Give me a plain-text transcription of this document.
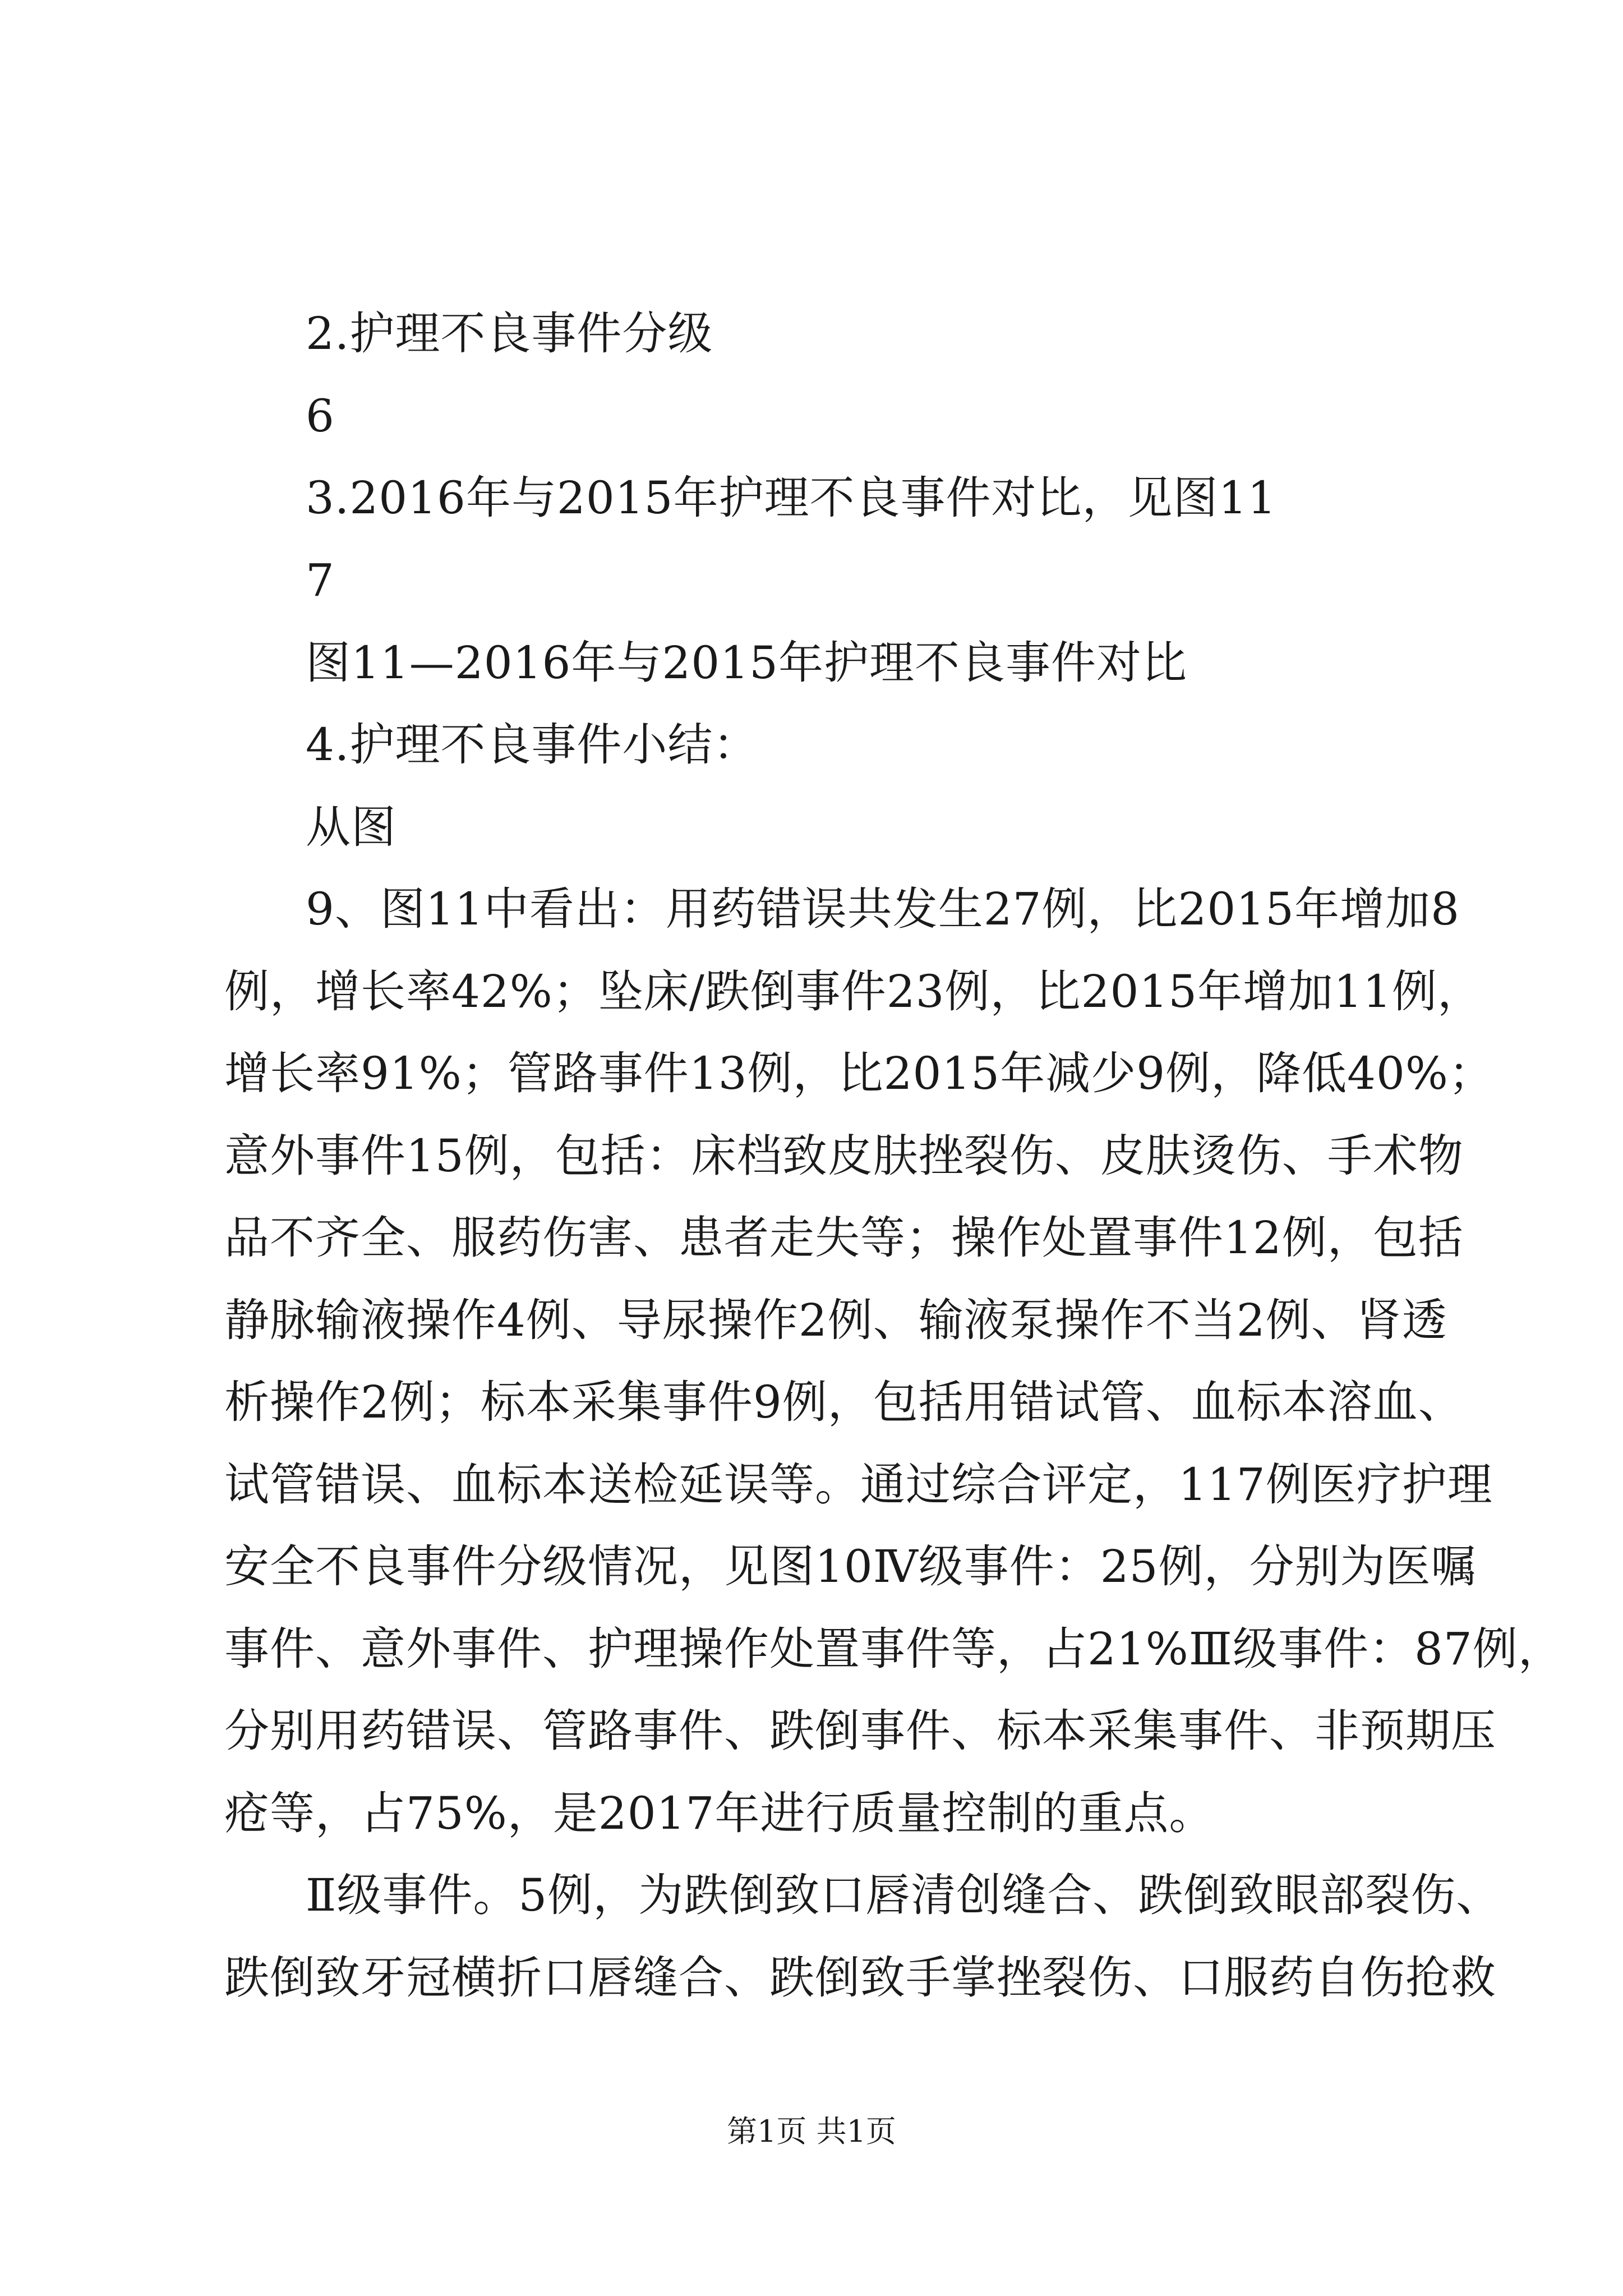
2.护理不良事件分级
6
3.2016年与2015年护理不良事件对比，见图11
7
图11—2016年与2015年护理不良事件对比
4.护理不良事件小结：
从图
9、图11中看出：用药错误共发生27例，比2015年增加8
例，增长率42%；坠床/跌倒事件23例，比2015年增加11例，
增长率91%；管路事件13例，比2015年减少9例，降低40%；
意外事件15例，包括：床档致皮肤挫裂伤、皮肤烫伤、手术物
品不齐全、服药伤害、患者走失等；操作处置事件12例，包括
静脉输液操作4例、导尿操作2例、输液泵操作不当2例、肾透
析操作2例；标本采集事件9例，包括用错试管、血标本溶血、
试管错误、血标本送检延误等。通过综合评定，117例医疗护理
安全不良事件分级情况，见图10Ⅳ级事件：25例，分别为医嘱
事件、意外事件、护理操作处置事件等，占21%Ⅲ级事件：87例，
分别用药错误、管路事件、跌倒事件、标本采集事件、非预期压
疮等，占75%，是2017年进行质量控制的重点。
Ⅱ级事件。5例，为跌倒致口唇清创缝合、跌倒致眼部裂伤、
跌倒致牙冠横折口唇缝合、跌倒致手掌挫裂伤、口服药自伤抢救
第1页 共1页
